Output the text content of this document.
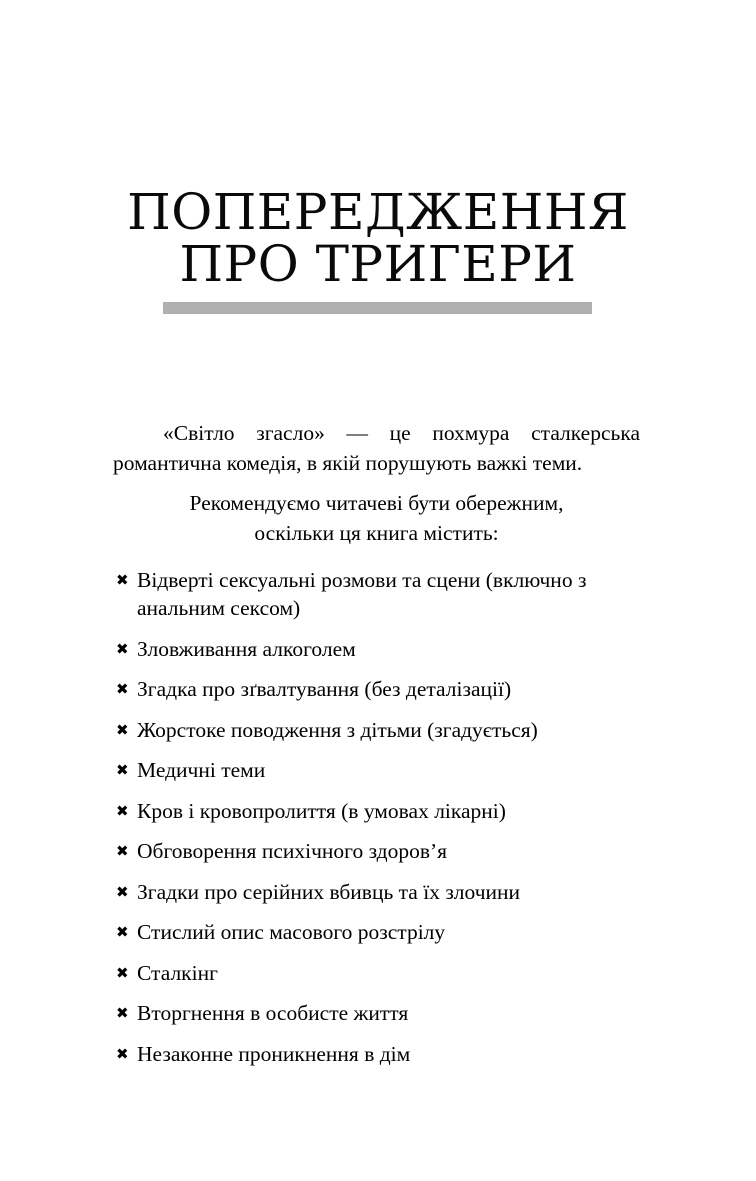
ПОПЕРЕДЖЕННЯ
ПРО ТРИГЕРИ

«Світло згасло» — це похмура сталкерська романтична комедія, в якій порушують важкі теми.

Рекомендуємо читачеві бути обережним,
оскільки ця книга містить:
✖ Відверті сексуальні розмови та сцени (включно з анальним сексом)
✖ Зловживання алкоголем
✖ Згадка про зґвалтування (без деталізації)
✖ Жорстоке поводження з дітьми (згадується)
✖ Медичні теми
✖ Кров і кровопролиття (в умовах лікарні)
✖ Обговорення психічного здоров’я
✖ Згадки про серійних вбивць та їх злочини
✖ Стислий опис масового розстрілу
✖ Сталкінг
✖ Вторгнення в особисте життя
✖ Незаконне проникнення в дім
